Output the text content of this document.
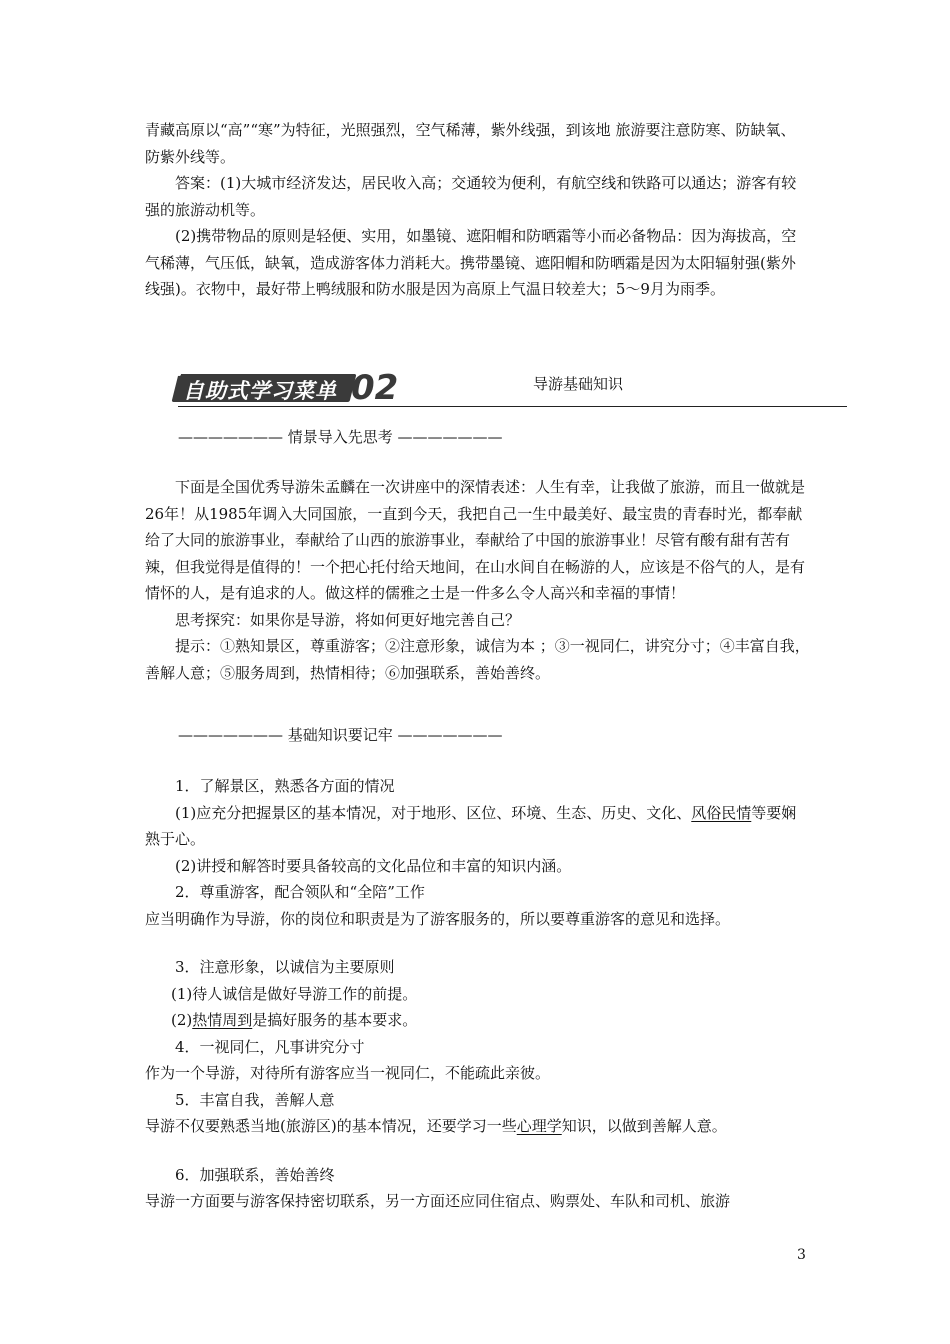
青藏高原以“高”“寒”为特征，光照强烈，空气稀薄，紫外线强，到该地 旅游要注意防寒、防缺氧、防紫外线等。

答案：(1)大城市经济发达，居民收入高；交通较为便利，有航空线和铁路可以通达；游客有较强的旅游动机等。

(2)携带物品的原则是轻便、实用，如墨镜、遮阳帽和防晒霜等小而必备物品：因为海拔高，空气稀薄，气压低，缺氧，造成游客体力消耗大。携带墨镜、遮阳帽和防晒霜是因为太阳辐射强(紫外线强)。衣物中，最好带上鸭绒服和防水服是因为高原上气温日较差大；5～9月为雨季。

自助式学习菜单 02	导游基础知识
——————— 情景导入先思考 ———————

下面是全国优秀导游朱孟麟在一次讲座中的深情表述：人生有幸，让我做了旅游，而且一做就是26年！从1985年调入大同国旅，一直到今天，我把自己一生中最美好、最宝贵的青春时光，都奉献给了大同的旅游事业，奉献给了山西的旅游事业，奉献给了中国的旅游事业！尽管有酸有甜有苦有辣，但我觉得是值得的！一个把心托付给天地间，在山水间自在畅游的人，应该是不俗气的人，是有情怀的人，是有追求的人。做这样的儒雅之士是一件多么令人高兴和幸福的事情！

思考探究：如果你是导游，将如何更好地完善自己？

提示：①熟知景区，尊重游客；②注意形象，诚信为本 ；③一视同仁，讲究分寸；④丰富自我，善解人意；⑤服务周到，热情相待；⑥加强联系，善始善终。

——————— 基础知识要记牢 ———————

1．了解景区，熟悉各方面的情况

(1)应充分把握景区的基本情况，对于地形、区位、环境、生态、历史、文化、风俗民情等要娴熟于心。

(2)讲授和解答时要具备较高的文化品位和丰富的知识内涵。

2．尊重游客，配合领队和“全陪”工作

应当明确作为导游，你的岗位和职责是为了游客服务的，所以要尊重游客的意见和选择。

3．注意形象，以诚信为主要原则

(1)待人诚信是做好导游工作的前提。

(2)热情周到是搞好服务的基本要求。

4．一视同仁，凡事讲究分寸

作为一个导游，对待所有游客应当一视同仁，不能疏此亲彼。

5．丰富自我，善解人意

导游不仅要熟悉当地(旅游区)的基本情况，还要学习一些心理学知识，以做到善解人意。

6．加强联系，善始善终

导游一方面要与游客保持密切联系，另一方面还应同住宿点、购票处、车队和司机、旅游

3
